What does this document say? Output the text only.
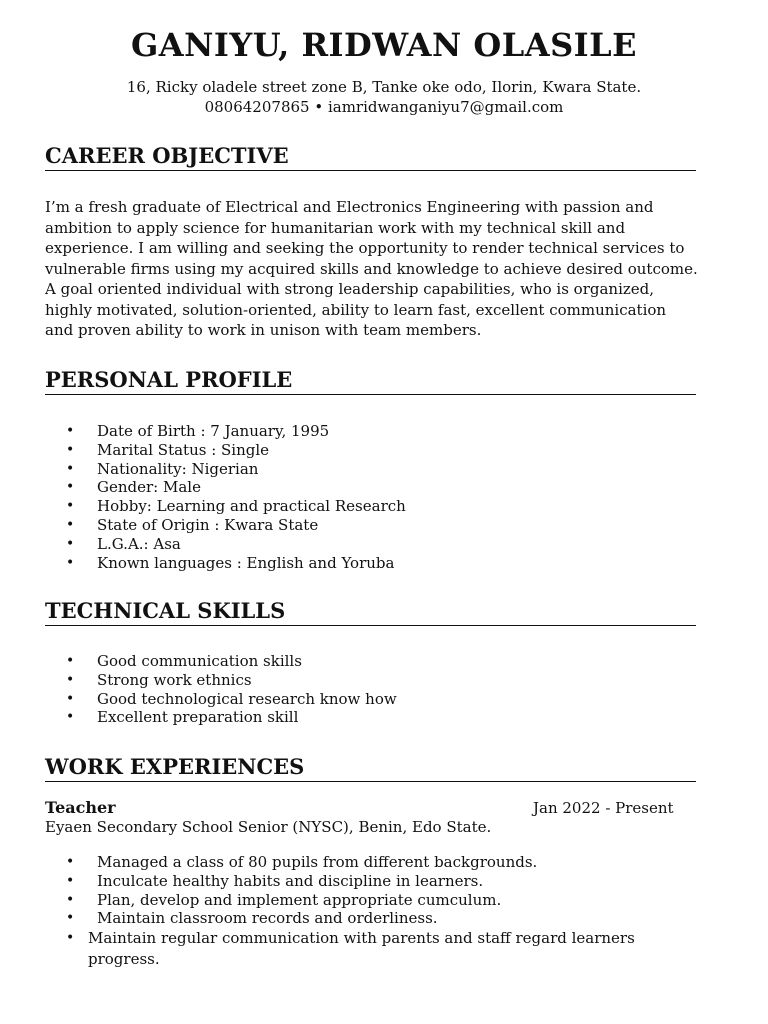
GANIYU, RIDWAN OLASILE
16, Ricky oladele street zone B, Tanke oke odo, Ilorin, Kwara State.
08064207865 • iamridwanganiyu7@gmail.com
CAREER OBJECTIVE

I’m a fresh graduate of Electrical and Electronics Engineering with passion and
ambition to apply science for humanitarian work with my technical skill and
experience. I am willing and seeking the opportunity to render technical services to
vulnerable firms using my acquired skills and knowledge to achieve desired outcome.
A goal oriented individual with strong leadership capabilities, who is organized,
highly motivated, solution-oriented, ability to learn fast, excellent communication
and proven ability to work in unison with team members.

PERSONAL PROFILE
• Date of Birth : 7 January, 1995
• Marital Status : Single
• Nationality: Nigerian
• Gender: Male
• Hobby: Learning and practical Research
• State of Origin : Kwara State
• L.G.A.: Asa
• Known languages : English and Yoruba
TECHNICAL SKILLS
• Good communication skills
• Strong work ethnics
• Good technological research know how
• Excellent preparation skill
WORK EXPERIENCES
Teacher	Jan 2022 - Present
Eyaen Secondary School Senior (NYSC), Benin, Edo State.
• Managed a class of 80 pupils from different backgrounds.
• Inculcate healthy habits and discipline in learners.
• Plan, develop and implement appropriate cumculum.
• Maintain classroom records and orderliness.
• Maintain regular communication with parents and staff regard learners
progress.
